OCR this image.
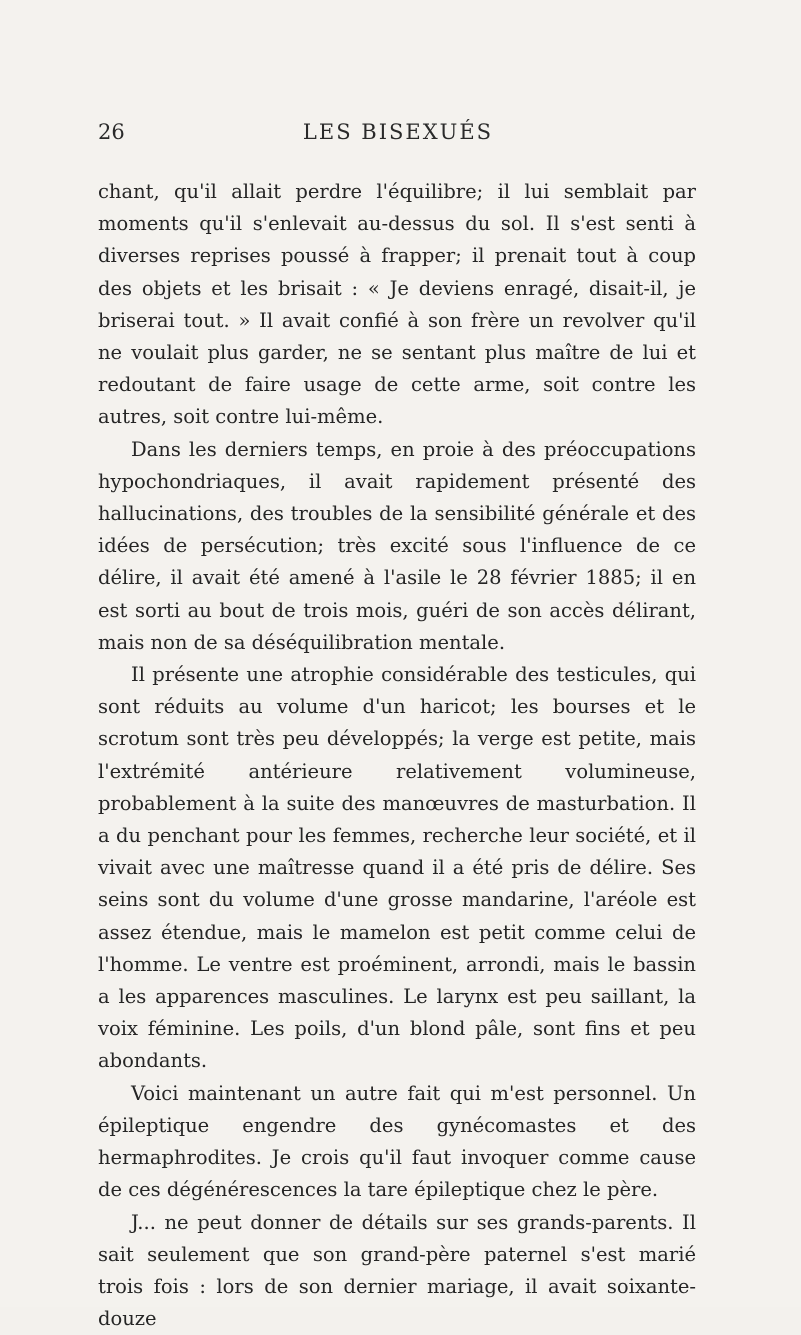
26	LES BISEXUÉS

chant, qu'il allait perdre l'équilibre; il lui semblait par moments qu'il s'enlevait au-dessus du sol. Il s'est senti à diverses reprises poussé à frapper; il prenait tout à coup des objets et les brisait : « Je deviens enragé, disait-il, je briserai tout. » Il avait confié à son frère un revolver qu'il ne voulait plus garder, ne se sentant plus maître de lui et redoutant de faire usage de cette arme, soit contre les autres, soit contre lui-même.

Dans les derniers temps, en proie à des préoccupations hypochondriaques, il avait rapidement présenté des hallucinations, des troubles de la sensibilité générale et des idées de persécution; très excité sous l'influence de ce délire, il avait été amené à l'asile le 28 février 1885; il en est sorti au bout de trois mois, guéri de son accès délirant, mais non de sa déséquilibration mentale.

Il présente une atrophie considérable des testicules, qui sont réduits au volume d'un haricot; les bourses et le scrotum sont très peu développés; la verge est petite, mais l'extrémité antérieure relativement volumineuse, probablement à la suite des manœuvres de masturbation. Il a du penchant pour les femmes, recherche leur société, et il vivait avec une maîtresse quand il a été pris de délire. Ses seins sont du volume d'une grosse mandarine, l'aréole est assez étendue, mais le mamelon est petit comme celui de l'homme. Le ventre est proéminent, arrondi, mais le bassin a les apparences masculines. Le larynx est peu saillant, la voix féminine. Les poils, d'un blond pâle, sont fins et peu abondants.

Voici maintenant un autre fait qui m'est personnel. Un épileptique engendre des gynécomastes et des hermaphrodites. Je crois qu'il faut invoquer comme cause de ces dégénérescences la tare épileptique chez le père.

J... ne peut donner de détails sur ses grands-parents. Il sait seulement que son grand-père paternel s'est marié trois fois : lors de son dernier mariage, il avait soixante-douze
